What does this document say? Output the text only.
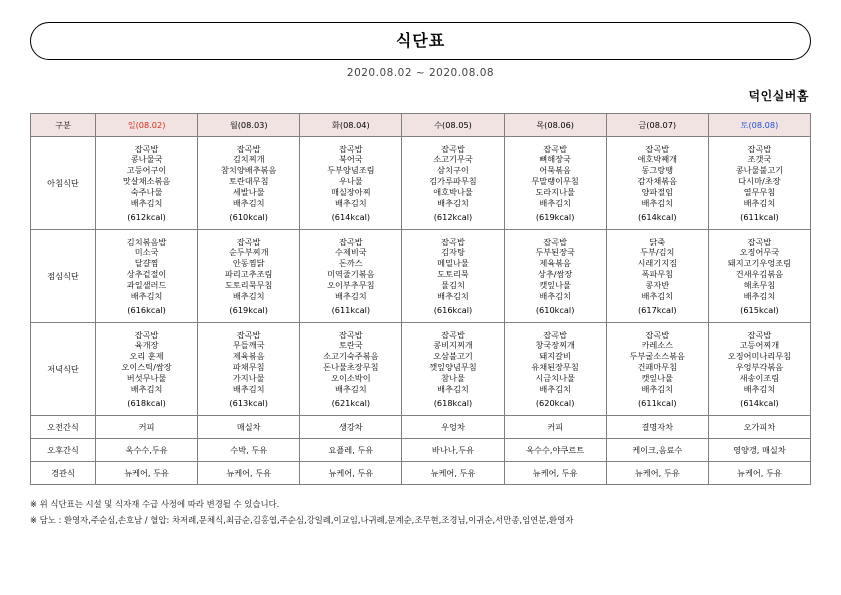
식단표
2020.08.02 ~ 2020.08.08
덕인실버홈
구분	일(08.02)	월(08.03)	화(08.04)	수(08.05)	목(08.06)	금(08.07)	토(08.08)
아침식단	잡곡밥
콩나물국
고등어구이
맛살채소볶음
숙주나물
배추김치
(612kcal)
	잡곡밥
김치찌개
참치양배추볶음
토란대무침
세발나물
배추김치
(610kcal)
	잡곡밥
북어국
두부양념조림
우나물
매실장아찌
배추김치
(614kcal)
	잡곡밥
소고기무국
삼치구이
김가루파무침
애호박나물
배추김치
(612kcal)
	잡곡밥
뼈해장국
어묵볶음
무말랭이무침
도라지나물
배추김치
(619kcal)
	잡곡밥
애호박째개
동그랑땡
감자채볶음
양파절임
배추김치
(614kcal)
	잡곡밥
조갯국
콩나물불고기
다시마/초장
열무무침
배추김치
(611kcal)

점심식단	김치볶음밥
미소국
달걀찜
상추겉절이
과일샐러드
배추김치
(616kcal)
	잡곡밥
순두부찌개
안동찜닭
파리고추조림
도토리묵무침
배추김치
(619kcal)
	잡곡밥
수제비국
돈까스
미역줄기볶음
오이부추무침
배추김치
(611kcal)
	잡곡밥
김자탕
메밀나물
도토리묵
물김치
배추김치
(616kcal)
	잡곡밥
두부된장국
제육볶음
상추/쌈장
캣잎나물
배추김치
(610kcal)
	닭죽
두부/김치
시래기지짐
폭파무침
콩자반
배추김치
(617kcal)
	잡곡밥
오징어무국
돼지고기우엉조림
건새우김볶음
해초무침
배추김치
(615kcal)

저녁식단	잡곡밥
육개장
오리 훈제
오이스틱/쌈장
버섯무나물
배추김치
(618kcal)
	잡곡밥
무들깨국
제육볶음
파채무침
가지나물
배추김치
(613kcal)
	잡곡밥
토란국
소고기숙주볶음
돈나물초장무침
오이소박이
배추김치
(621kcal)
	잡곡밥
콩비지찌개
오삼불고기
깻잎양념무침
참나물
배추김치
(618kcal)
	잡곡밥
창국장찌개
돼지갈비
유채된장무침
시금치나물
배추김치
(620kcal)
	잡곡밥
카레소스
두부굴소스볶음
건패마무침
캣잎나물
배추김치
(611kcal)
	잡곡밥
고등어찌개
오징어미나리무침
우엉부각볶음
새송이조림
배추김치
(614kcal)

오전간식	커피	매실차	생강차	우엉차	커피	결명자차	오가피차
오후간식	옥수수,두유	수박, 두유	요플레, 두유	바나나,두유	옥수수,야쿠르트	케이크,음료수	영양갱, 매실차
경관식	뉴케어, 두유	뉴케어, 두유	뉴케어, 두유	뉴케어, 두유	뉴케어, 두유	뉴케어, 두유	뉴케어, 두유
※ 위 식단표는 시설 및 식자재 수급 사정에 따라 변경될 수 있습니다.
※ 담노 : 환영자,주순심,손호남 / 혈압: 차저례,문체식,최금순,김홍엽,주순심,강일례,이교임,나귀례,문계순,조무현,조경님,이귀순,서만종,임연분,환영자
